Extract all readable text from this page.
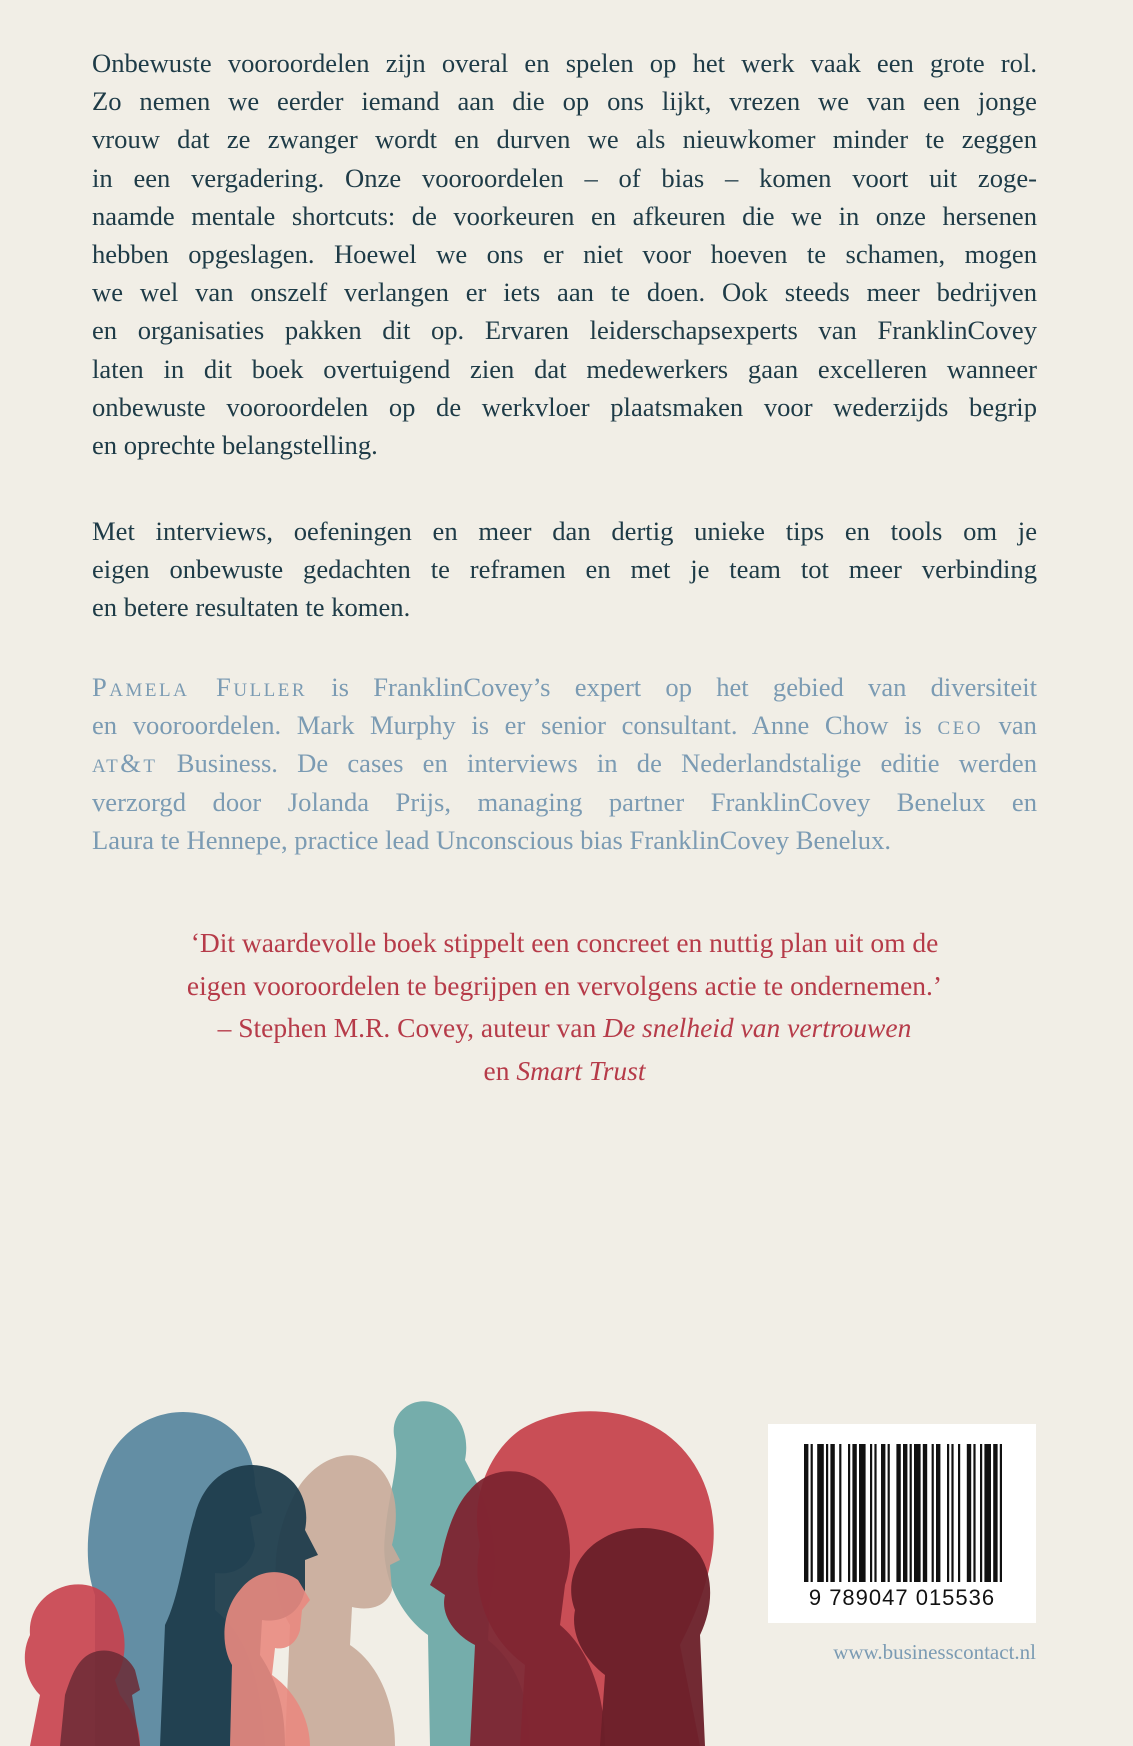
Onbewuste vooroordelen zijn overal en spelen op het werk vaak een grote rol.
Zo nemen we eerder iemand aan die op ons lijkt, vrezen we van een jonge
vrouw dat ze zwanger wordt en durven we als nieuwkomer minder te zeggen
in een vergadering. Onze vooroordelen – of bias – komen voort uit zoge-
naamde mentale shortcuts: de voorkeuren en afkeuren die we in onze hersenen
hebben opgeslagen. Hoewel we ons er niet voor hoeven te schamen, mogen
we wel van onszelf verlangen er iets aan te doen. Ook steeds meer bedrijven
en organisaties pakken dit op. Ervaren leiderschapsexperts van FranklinCovey
laten in dit boek overtuigend zien dat medewerkers gaan excelleren wanneer
onbewuste vooroordelen op de werkvloer plaatsmaken voor wederzijds begrip
en oprechte belangstelling.
Met interviews, oefeningen en meer dan dertig unieke tips en tools om je
eigen onbewuste gedachten te reframen en met je team tot meer verbinding
en betere resultaten te komen.
Pamela Fuller is FranklinCovey’s expert op het gebied van diversiteit
en vooroordelen. Mark Murphy is er senior consultant. Anne Chow is ceo van
at&t Business. De cases en interviews in de Nederlandstalige editie werden
verzorgd door Jolanda Prijs, managing partner FranklinCovey Benelux en
Laura te Hennepe, practice lead Unconscious bias FranklinCovey Benelux.
‘Dit waardevolle boek stippelt een concreet en nuttig plan uit om de
eigen vooroordelen te begrijpen en vervolgens actie te ondernemen.’
– Stephen M.R. Covey, auteur van De snelheid van vertrouwen
en Smart Trust
9 789047 015536
www.businesscontact.nl
